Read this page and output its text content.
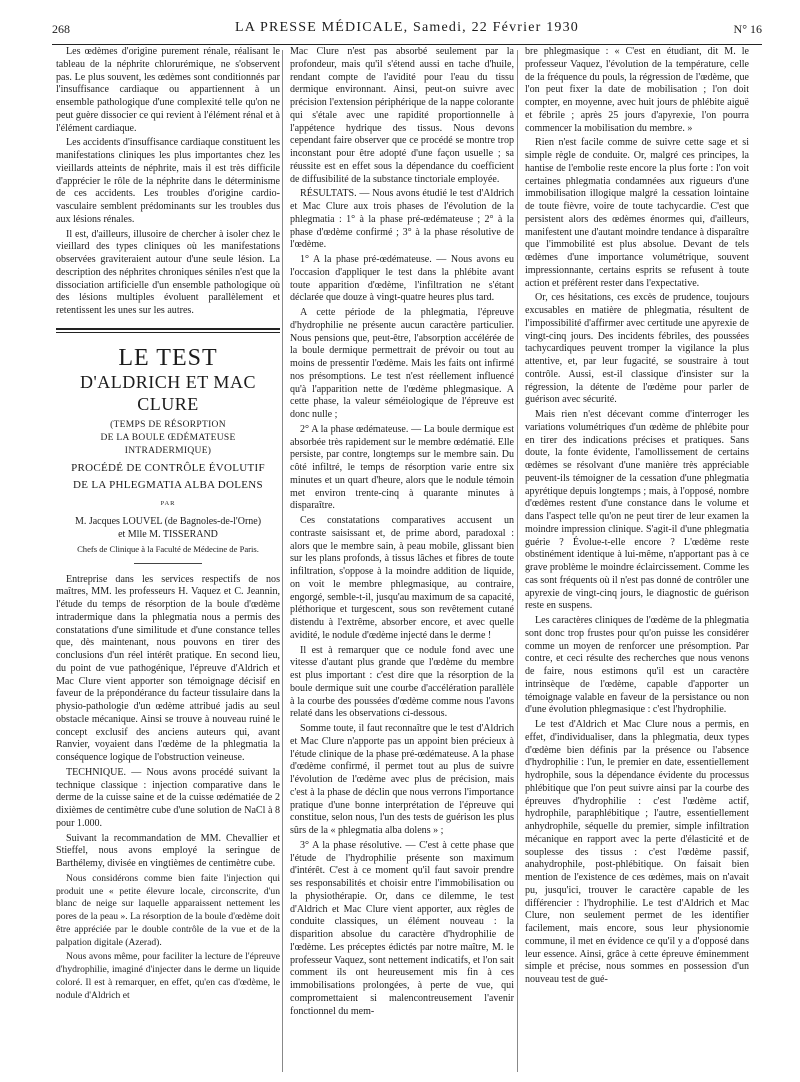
268	LA PRESSE MÉDICALE, Samedi, 22 Février 1930	N° 16

Les œdèmes d'origine purement rénale, réalisant le tableau de la néphrite chlorurémique, ne s'observent pas. Le plus souvent, les œdèmes sont conditionnés par l'insuffisance cardiaque ou appartiennent à un ensemble pathologique d'une complexité telle qu'on ne peut guère dissocier ce qui revient à l'élément rénal et à l'élément cardiaque.

Les accidents d'insuffisance cardiaque constituent les manifestations cliniques les plus importantes chez les vieillards atteints de néphrite, mais il est très difficile d'apprécier le rôle de la néphrite dans le déterminisme de ces accidents. Les troubles d'origine cardio-vasculaire semblent prédominants sur les troubles dus aux lésions rénales.

Il est, d'ailleurs, illusoire de chercher à isoler chez le vieillard des types cliniques où les manifestations observées graviteraient autour d'une seule lésion. La description des néphrites chroniques séniles n'est que la dissociation artificielle d'un ensemble pathologique où des lésions multiples évoluent parallèlement et retentissent les unes sur les autres.

LE TEST
D'ALDRICH ET MAC CLURE
(TEMPS DE RÉSORPTION
DE LA BOULE ŒDÉMATEUSE INTRADERMIQUE)
PROCÉDÉ DE CONTRÔLE ÉVOLUTIF
DE LA PHLEGMATIA ALBA DOLENS
PAR
M. Jacques LOUVEL (de Bagnoles-de-l'Orne)
et Mlle M. TISSERAND
Chefs de Clinique à la Faculté de Médecine de Paris.

Entreprise dans les services respectifs de nos maîtres, MM. les professeurs H. Vaquez et C. Jeannin, l'étude du temps de résorption de la boule d'œdème intradermique dans la phlegmatia nous a permis des constatations d'une similitude et d'une constance telles que, dès maintenant, nous pouvons en tirer des conclusions d'un réel intérêt pratique. En second lieu, du point de vue pathogénique, l'épreuve d'Aldrich et Mac Clure vient apporter son témoignage décisif en faveur de la prépondérance du facteur tissulaire dans la physio-pathologie d'un œdème attribué jadis au seul obstacle mécanique. Ainsi se trouve à nouveau ruiné le concept exclusif des anciens auteurs qui, avant Ranvier, voyaient dans l'œdème de la phlegmatia la conséquence logique de l'obstruction veineuse.

TECHNIQUE. — Nous avons procédé suivant la technique classique : injection comparative dans le derme de la cuisse saine et de la cuisse œdématiée de 2 dixièmes de centimètre cube d'une solution de NaCl à 8 pour 1.000.

Suivant la recommandation de MM. Chevallier et Stieffel, nous avons employé la seringue de Barthélemy, divisée en vingtièmes de centimètre cube.

Nous considérons comme bien faite l'injection qui produit une « petite élevure locale, circonscrite, d'un blanc de neige sur laquelle apparaissent nettement les pores de la peau ». La résorption de la boule d'œdème doit être appréciée par le double contrôle de la vue et de la palpation digitale (Azerad).

Nous avons même, pour faciliter la lecture de l'épreuve d'hydrophilie, imaginé d'injecter dans le derme un liquide coloré. Il est à remarquer, en effet, qu'en cas d'œdème, le nodule d'Aldrich et

Mac Clure n'est pas absorbé seulement par la profondeur, mais qu'il s'étend aussi en tache d'huile, rendant compte de l'avidité pour l'eau du tissu dermique environnant. Ainsi, peut-on suivre avec précision l'extension périphérique de la nappe colorante qui s'étale avec une rapidité proportionnelle à l'appétence hydrique des tissus. Nous devons cependant faire observer que ce procédé se montre trop inconstant pour être adopté d'une façon usuelle ; sa réussite est en effet sous la dépendance du coefficient de diffusibilité de la substance tinctoriale employée.

RÉSULTATS. — Nous avons étudié le test d'Aldrich et Mac Clure aux trois phases de l'évolution de la phlegmatia : 1° à la phase pré-œdémateuse ; 2° à la phase d'œdème confirmé ; 3° à la phase résolutive de l'œdème.

1° A la phase pré-œdémateuse. — Nous avons eu l'occasion d'appliquer le test dans la phlébite avant toute apparition d'œdème, l'infiltration ne s'étant déclarée que douze à vingt-quatre heures plus tard.

A cette période de la phlegmatia, l'épreuve d'hydrophilie ne présente aucun caractère particulier. Nous pensions que, peut-être, l'absorption accélérée de la boule dermique permettrait de prévoir ou tout au moins de pressentir l'œdème. Mais les faits ont infirmé nos présomptions. Le test n'est réellement influencé qu'à l'apparition nette de l'œdème phlegmasique. A cette phase, la valeur séméiologique de l'épreuve est donc nulle ;

2° A la phase œdémateuse. — La boule dermique est absorbée très rapidement sur le membre œdématié. Elle persiste, par contre, longtemps sur le membre sain. Du côté infiltré, le temps de résorption varie entre six minutes et un quart d'heure, alors que le nodule témoin met environ trente-cinq à quarante minutes à disparaître.

Ces constatations comparatives accusent un contraste saisissant et, de prime abord, paradoxal : alors que le membre sain, à peau mobile, glissant bien sur les plans profonds, à tissus lâches et fibres de toute infiltration, s'oppose à la moindre addition de liquide, on voit le membre phlegmasique, au contraire, engorgé, semble-t-il, jusqu'au maximum de sa capacité, pléthorique et turgescent, sous son revêtement cutané distendu à l'extrême, absorber encore, et avec quelle avidité, le nodule d'œdème injecté dans le derme !

Il est à remarquer que ce nodule fond avec une vitesse d'autant plus grande que l'œdème du membre est plus important : c'est dire que la résorption de la boule dermique suit une courbe d'accélération parallèle à la courbe des poussées d'œdème comme nous l'avons relaté dans les observations ci-dessous.

Somme toute, il faut reconnaître que le test d'Aldrich et Mac Clure n'apporte pas un appoint bien précieux à l'étude clinique de la phase pré-œdémateuse. A la phase d'œdème confirmé, il permet tout au plus de suivre l'évolution de l'œdème avec plus de précision, mais c'est à la phase de déclin que nous verrons l'importance pratique d'une bonne interprétation de l'épreuve qui constitue, selon nous, l'un des tests de guérison les plus sûrs de la « phlegmatia alba dolens » ;

3° A la phase résolutive. — C'est à cette phase que l'étude de l'hydrophilie présente son maximum d'intérêt. C'est à ce moment qu'il faut savoir prendre ses responsabilités et choisir entre l'immobilisation ou la physiothérapie. Or, dans ce dilemme, le test d'Aldrich et Mac Clure vient apporter, aux règles de conduite classiques, un élément nouveau : la disparition absolue du caractère d'hydrophilie de l'œdème. Les préceptes édictés par notre maître, M. le professeur Vaquez, sont nettement indicatifs, et l'on sait comment ils ont heureusement mis fin à ces immobilisations prolongées, à perte de vue, qui compromettaient si malencontreusement l'avenir fonctionnel du mem-

bre phlegmasique : « C'est en étudiant, dit M. le professeur Vaquez, l'évolution de la température, celle de la fréquence du pouls, la régression de l'œdème, que l'on peut fixer la date de mobilisation ; l'on doit compter, en moyenne, avec huit jours de phlébite aiguë et fébrile ; après 25 jours d'apyrexie, l'on pourra commencer la mobilisation du membre. »

Rien n'est facile comme de suivre cette sage et si simple règle de conduite. Or, malgré ces principes, la hantise de l'embolie reste encore la plus forte : l'on voit certaines phlegmatia condamnées aux rigueurs d'une immobilisation illogique malgré la cessation lointaine de toute fièvre, voire de toute tachycardie. C'est que persistent alors des œdèmes énormes qui, d'ailleurs, manifestent une d'autant moindre tendance à disparaître que l'immobilité est plus absolue. Devant de tels œdèmes d'une importance volumétrique, souvent impressionnante, certains esprits se refusent à toute action et préfèrent rester dans l'expectative.

Or, ces hésitations, ces excès de prudence, toujours excusables en matière de phlegmatia, résultent de l'impossibilité d'affirmer avec certitude une apyrexie de vingt-cinq jours. Des incidents fébriles, des poussées tachycardiques peuvent tromper la vigilance la plus attentive, et, par leur fugacité, se soustraire à tout contrôle. Aussi, est-il classique d'insister sur la régression, la détente de l'œdème pour parler de guérison avec sécurité.

Mais rien n'est décevant comme d'interroger les variations volumétriques d'un œdème de phlébite pour en tirer des indications précises et pratiques. Sans doute, la fonte évidente, l'amollissement de certains œdèmes se résolvant d'une manière très appréciable peuvent-ils témoigner de la cessation d'une phlegmatia apyrétique depuis longtemps ; mais, à l'opposé, nombre d'œdèmes restent d'une constance dans le volume et dans l'aspect telle qu'on ne peut tirer de leur examen la moindre impression clinique. S'agit-il d'une phlegmatia guérie ? Évolue-t-elle encore ? L'œdème reste obstinément identique à lui-même, n'apportant pas à ce grave problème le moindre éclaircissement. Comme les cas sont fréquents où il n'est pas donné de contrôler une apyrexie de vingt-cinq jours, le diagnostic de guérison reste en suspens.

Les caractères cliniques de l'œdème de la phlegmatia sont donc trop frustes pour qu'on puisse les considérer comme un moyen de renforcer une présomption. Par contre, et ceci résulte des recherches que nous venons de faire, nous estimons qu'il est un caractère intrinsèque de l'œdème, capable d'apporter un témoignage valable en faveur de la persistance ou non d'une évolution phlegmasique : c'est l'hydrophilie.

Le test d'Aldrich et Mac Clure nous a permis, en effet, d'individualiser, dans la phlegmatia, deux types d'œdème bien définis par la présence ou l'absence d'hydrophilie : l'un, le premier en date, essentiellement hydrophile, sous la dépendance évidente du processus phlébitique que l'on peut suivre ainsi par la courbe des épreuves d'hydrophilie : c'est l'œdème actif, hydrophile, paraphlébitique ; l'autre, essentiellement anhydrophile, séquelle du premier, simple infiltration mécanique en rapport avec la perte d'élasticité et de souplesse des tissus : c'est l'œdème passif, anahydrophile, post-phlébitique. On faisait bien mention de l'existence de ces œdèmes, mais on n'avait pu, jusqu'ici, trouver le caractère capable de les différencier : l'hydrophilie. Le test d'Aldrich et Mac Clure, non seulement permet de les identifier facilement, mais encore, sous leur physionomie commune, il met en évidence ce qu'il y a d'opposé dans leur essence. Ainsi, grâce à cette épreuve éminemment simple et précise, nous sommes en possession d'un nouveau test de gué-
